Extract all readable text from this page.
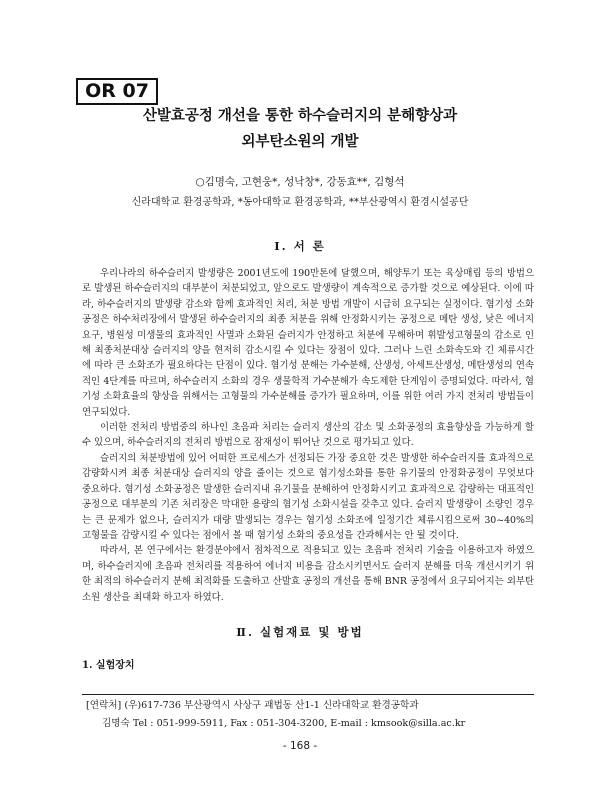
OR 07
산발효공정 개선을 통한 하수슬러지의 분해향상과
외부탄소원의 개발
○김명숙, 고현웅*, 성낙창*, 강동효**, 김형석
신라대학교 환경공학과, *동아대학교 환경공학과, **부산광역시 환경시설공단
Ⅰ. 서 론

우리나라의 하수슬러지 발생량은 2001년도에 190만톤에 달했으며, 해양투기 또는 육상매립 등의 방법으로 발생된 하수슬러지의 대부분이 처분되었고, 앞으로도 발생량이 계속적으로 증가할 것으로 예상된다. 이에 따라, 하수슬러지의 발생량 감소와 함께 효과적인 처리, 처분 방법 개발이 시급히 요구되는 실정이다. 혐기성 소화공정은 하수처리장에서 발생된 하수슬러지의 최종 처분을 위해 안정화시키는 공정으로 메탄 생성, 낮은 에너지 요구, 병원성 미생물의 효과적인 사멸과 소화된 슬러지가 안정하고 처분에 무해하며 휘발성고형물의 감소로 인해 최종처분대상 슬러지의 양을 현저히 감소시킬 수 있다는 장점이 있다. 그러나 느린 소화속도와 긴 체류시간에 따라 큰 소화조가 필요하다는 단점이 있다. 혐기성 분해는 가수분해, 산생성, 아세트산생성, 메탄생성의 연속적인 4단계를 따르며, 하수슬러지 소화의 경우 생물학적 가수분해가 속도제한 단계임이 증명되었다. 따라서, 혐기성 소화효율의 향상을 위해서는 고형물의 가수분해를 증가가 필요하며, 이를 위한 여러 가지 전처리 방법들이 연구되었다.

이러한 전처리 방법중의 하나인 초음파 처리는 슬러지 생산의 감소 및 소화공정의 효율향상을 가능하게 할 수 있으며, 하수슬러지의 전처리 방법으로 잠재성이 뛰어난 것으로 평가되고 있다.

슬러지의 처분방법에 있어 어떠한 프로세스가 선정되든 가장 중요한 것은 발생한 하수슬러지를 효과적으로 감량화시켜 최종 처분대상 슬러지의 양을 줄이는 것으로 혐기성소화를 통한 유기물의 안정화공정이 무엇보다 중요하다. 혐기성 소화공정은 발생한 슬러지내 유기물을 분해하여 안정화시키고 효과적으로 감량하는 대표적인 공정으로 대부분의 기존 처리장은 막대한 용량의 혐기성 소화시설을 갖추고 있다. 슬러지 발생량이 소량인 경우는 큰 문제가 없으나, 슬러지가 대량 발생되는 경우는 혐기성 소화조에 일정기간 체류시킴으로써 30~40%의 고형물을 감량시킬 수 있다는 점에서 볼 때 혐기성 소화의 중요성을 간과해서는 안 될 것이다.

따라서, 본 연구에서는 환경분야에서 점차적으로 적용되고 있는 초음파 전처리 기술을 이용하고자 하였으며, 하수슬러지에 초음파 전처리를 적용하여 에너지 비용을 감소시키면서도 슬러지 분해를 더욱 개선시키기 위한 최적의 하수슬러지 분해 최적화를 도출하고 산발효 공정의 개선을 통해 BNR 공정에서 요구되어지는 외부탄소원 생산을 최대화 하고자 하였다.

Ⅱ. 실험재료 및 방법
1. 실험장치
[연락처] (우)617-736 부산광역시 사상구 괘법동 산1-1 신라대학교 환경공학과
김명숙 Tel : 051-999-5911, Fax : 051-304-3200, E-mail : kmsook@silla.ac.kr
- 168 -
